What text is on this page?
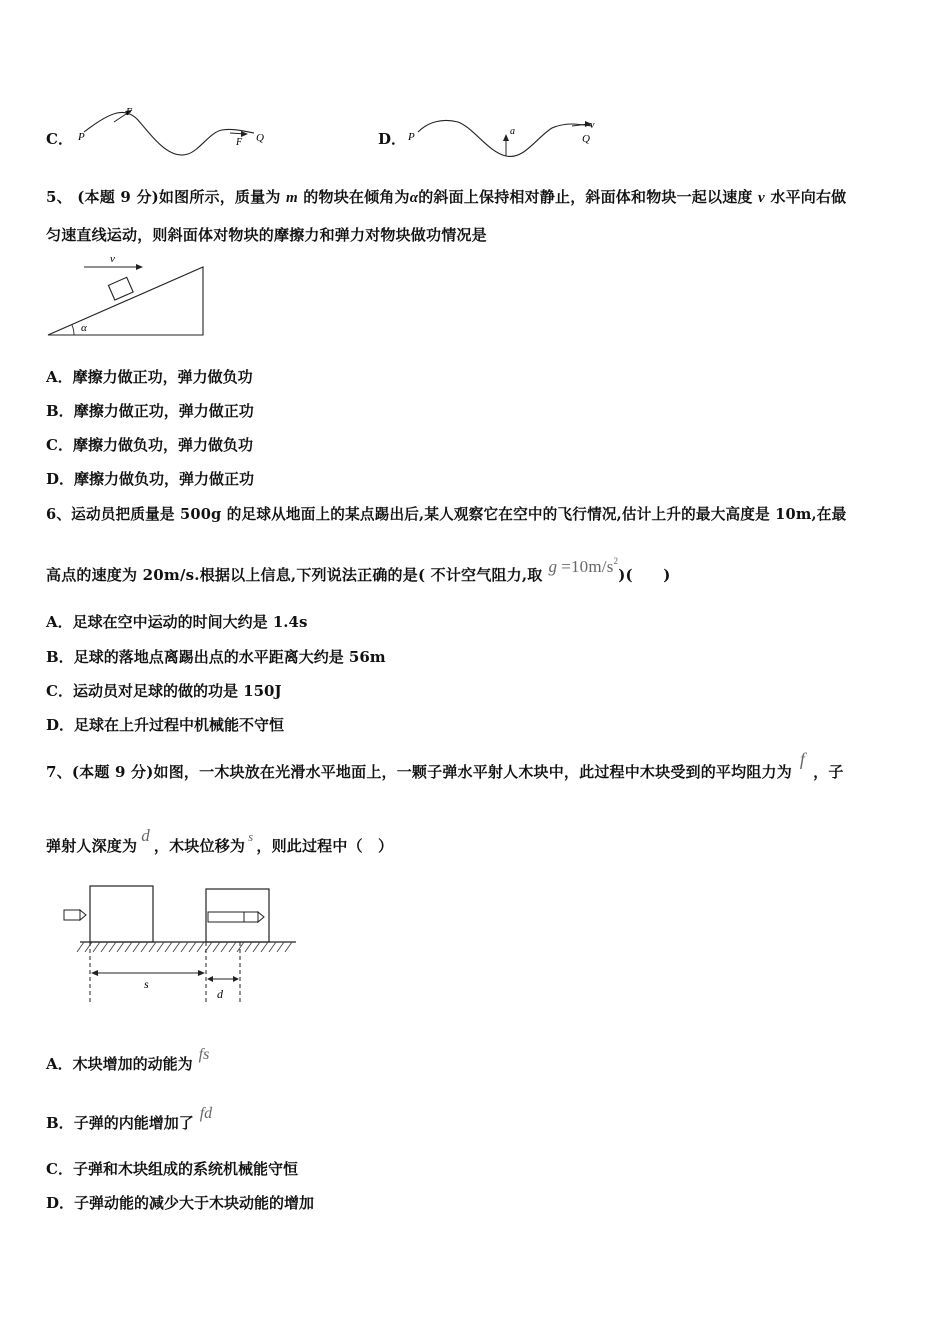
C． P
F
F Q	D． P	a
v
Q
5、 (本题 9 分)如图所示，质量为 m 的物块在倾角为α的斜面上保持相对静止，斜面体和物块一起以速度 v 水平向右做
匀速直线运动，则斜面体对物块的摩擦力和弹力对物块做功情况是
v
α
A．摩擦力做正功，弹力做负功
B．摩擦力做正功，弹力做正功
C．摩擦力做负功，弹力做负功
D．摩擦力做负功，弹力做正功
6、运动员把质量是 500g 的足球从地面上的某点踢出后,某人观察它在空中的飞行情况,估计上升的最大高度是 10m,在最
高点的速度为 20m/s.根据以上信息,下列说法正确的是( 不计空气阻力,取 $g =10m/s^2$)(　　)
A．足球在空中运动的时间大约是 1.4s
B．足球的落地点离踢出点的水平距离大约是 56m
C．运动员对足球的做的功是 150J
D．足球在上升过程中机械能不守恒
7、(本题 9 分)如图，一木块放在光滑水平地面上，一颗子弹水平射人木块中，此过程中木块受到的平均阻力为f，子
弹射人深度为d，木块位移为s，则此过程中（　）
s
d
A．木块增加的动能为fs
B．子弹的内能增加了fd
C．子弹和木块组成的系统机械能守恒
D．子弹动能的减少大于木块动能的增加
